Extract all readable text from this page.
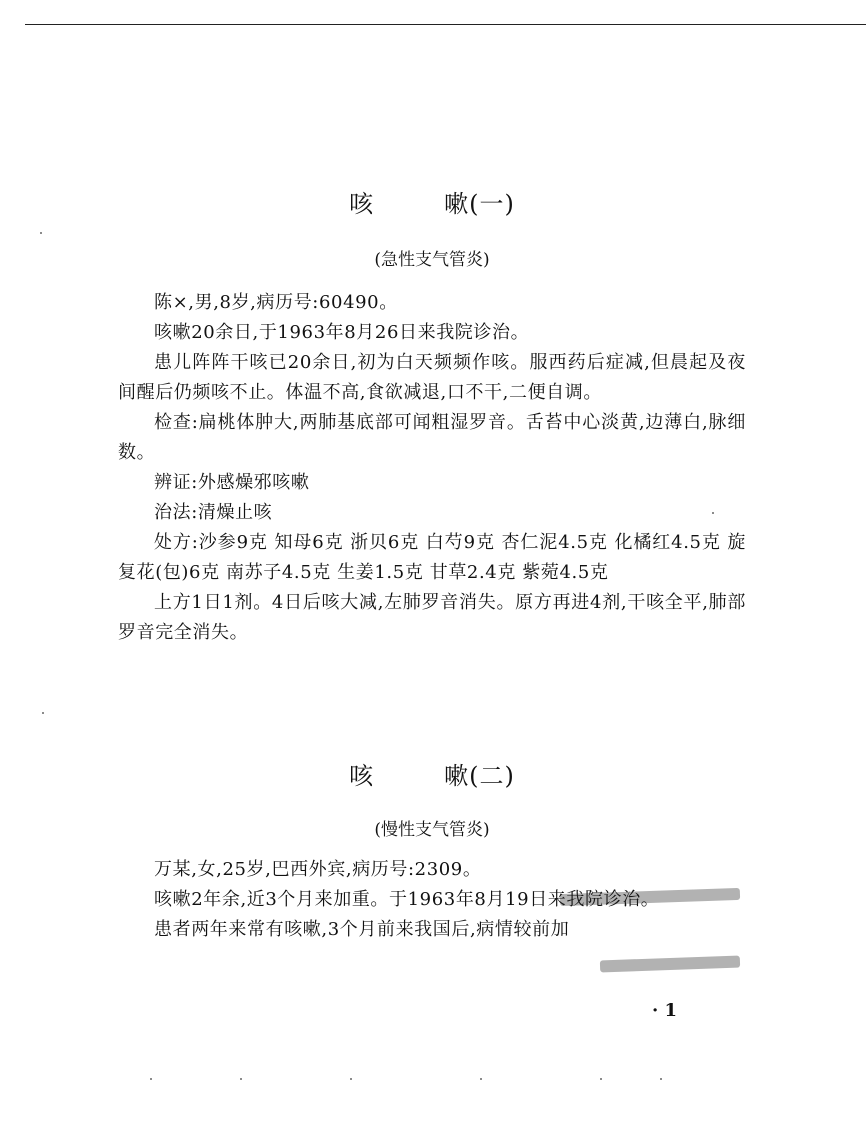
咳	嗽(一)
(急性支气管炎)

陈×,男,8岁,病历号:60490。

咳嗽20余日,于1963年8月26日来我院诊治。

患儿阵阵干咳已20余日,初为白天频频作咳。服西药后症减,但晨起及夜间醒后仍频咳不止。体温不高,食欲减退,口不干,二便自调。

检查:扁桃体肿大,两肺基底部可闻粗湿罗音。舌苔中心淡黄,边薄白,脉细数。

辨证:外感燥邪咳嗽

治法:清燥止咳

处方:沙参9克 知母6克 浙贝6克 白芍9克 杏仁泥4.5克 化橘红4.5克 旋复花(包)6克 南苏子4.5克 生姜1.5克 甘草2.4克 紫菀4.5克

上方1日1剂。4日后咳大减,左肺罗音消失。原方再进4剂,干咳全平,肺部罗音完全消失。

咳	嗽(二)
(慢性支气管炎)

万某,女,25岁,巴西外宾,病历号:2309。

咳嗽2年余,近3个月来加重。于1963年8月19日来我院诊治。

患者两年来常有咳嗽,3个月前来我国后,病情较前加

· 1
